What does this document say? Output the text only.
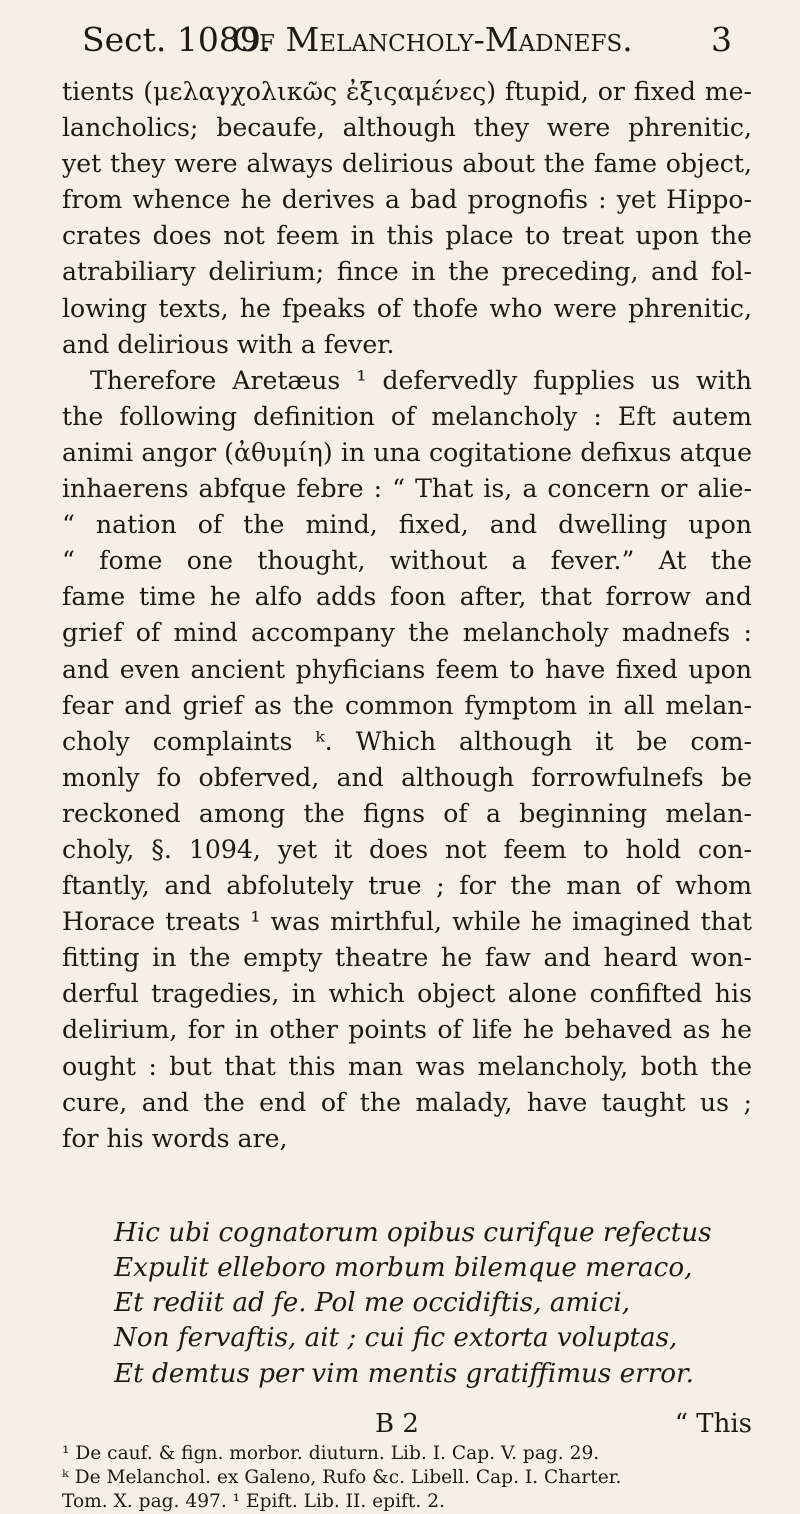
Sect. 1089.
Of Melancholy-Madnefs. 3
tients (μελαγχολικῶς ἐξιςαμένες) ftupid, or fixed me-
lancholics; becaufe, although they were phrenitic,
yet they were always delirious about the fame object,
from whence he derives a bad prognofis : yet Hippo-
crates does not feem in this place to treat upon the
atrabiliary delirium; fince in the preceding, and fol-
lowing texts, he fpeaks of thofe who were phrenitic,
and delirious with a fever.
Therefore Aretæus ¹ defervedly fupplies us with
the following definition of melancholy : Eft autem
animi angor (ἀθυμίη) in una cogitatione defixus atque
inhaerens abfque febre : “ That is, a concern or alie-
“ nation of the mind, fixed, and dwelling upon
“ fome one thought, without a fever.” At the
fame time he alfo adds foon after, that forrow and
grief of mind accompany the melancholy madnefs :
and even ancient phyficians feem to have fixed upon
fear and grief as the common fymptom in all melan-
choly complaints ᵏ. Which although it be com-
monly fo obferved, and although forrowfulnefs be
reckoned among the figns of a beginning melan-
choly, §. 1094, yet it does not feem to hold con-
ftantly, and abfolutely true ; for the man of whom
Horace treats ¹ was mirthful, while he imagined that
fitting in the empty theatre he faw and heard won-
derful tragedies, in which object alone confifted his
delirium, for in other points of life he behaved as he
ought : but that this man was melancholy, both the
cure, and the end of the malady, have taught us ;
for his words are,
Hic ubi cognatorum opibus curifque refectus
Expulit elleboro morbum bilemque meraco,
Et rediit ad fe. Pol me occidiftis, amici,
Non fervaftis, ait ; cui fic extorta voluptas,
Et demtus per vim mentis gratiffimus error.
B 2	“ This
¹ De cauf. & fign. morbor. diuturn. Lib. I. Cap. V. pag. 29.
ᵏ De Melanchol. ex Galeno, Rufo &c. Libell. Cap. I. Charter.
Tom. X. pag. 497. ¹ Epift. Lib. II. epift. 2.
